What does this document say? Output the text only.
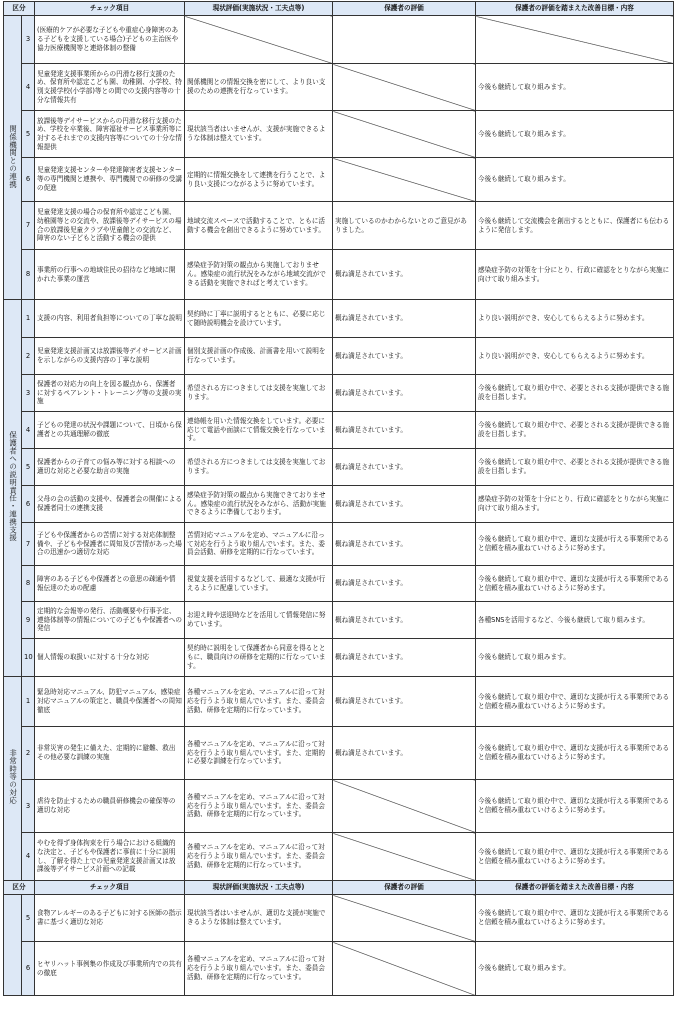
区分		チェック項目	現状評価(実施状況・工夫点等)	保護者の評価	保護者の評価を踏まえた改善目標・内容
関係機関との連携	3	(医療的ケアが必要な子どもや重症心身障害のある子どもを支援している場合)子どもの主治医や協力医療機関等と連絡体制の整備			
	4	児童発達支援事業所からの円滑な移行支援のため、保育所や認定こども園、幼稚園、小学校、特別支援学校(小学部)等との間での支援内容等の十分な情報共有	関係機関との情報交換を密にして、より良い支援のための連携を行なっています。		今後も継続して取り組みます。
	5	放課後等デイサービスからの円滑な移行支援のため、学校を卒業後、障害福祉サービス事業所等に対するそれまでの支援内容等についての十分な情報提供	現状該当者はいませんが、支援が実施できるような体制は整えています。		今後も継続して取り組みます。
	6	児童発達支援センターや発達障害者支援センター等の専門機関と連携や、専門機関での研修の受講の促進	定期的に情報交換をして連携を行うことで、より良い支援につながるように努めています。		今後も継続して取り組みます。
	7	児童発達支援の場合の保育所や認定こども園、幼稚園等との交流や、放課後等デイサービスの場合の放課後児童クラブや児童館との交流など、障害のない子どもと活動する機会の提供	地域交流スペースで活動することで、ともに活動する機会を創出できるように努めています。	実施しているのかわからないとのご意見がありました。	今後も継続して交流機会を創出するとともに、保護者にも伝わるように発信します。
	8	事業所の行事への地域住民の招待など地域に開かれた事業の運営	感染症予防対策の観点から実施しておりません。感染症の流行状況をみながら地域交流ができる活動を実施できればと考えています。	概ね満足されています。	感染症予防の対策を十分にとり、行政に確認をとりながら実施に向けて取り組みます。
保護者への説明責任・連携支援	1	支援の内容、利用者負担等についての丁寧な説明	契約時に丁寧に説明するとともに、必要に応じて随時説明機会を設けています。	概ね満足されています。	より良い説明ができ、安心してもらえるように努めます。
	2	児童発達支援計画又は放課後等デイサービス計画を示しながらの支援内容の丁寧な説明	個別支援計画の作成後、計画書を用いて説明を行なっています。	概ね満足されています。	より良い説明ができ、安心してもらえるように努めます。
	3	保護者の対応力の向上を図る観点から、保護者に対するペアレント・トレーニング等の支援の実施	希望される方につきましては支援を実施しております。	概ね満足されています。	今後も継続して取り組む中で、必要とされる支援が提供できる施設を目指します。
	4	子どもの発達の状況や課題について、日頃から保護者との共通理解の徹底	連絡帳を用いた情報交換をしています。必要に応じて電話や面談にて情報交換を行なっています。	概ね満足されています。	今後も継続して取り組む中で、必要とされる支援が提供できる施設を目指します。
	5	保護者からの子育ての悩み等に対する相談への適切な対応と必要な助言の実施	希望される方につきましては支援を実施しております。	概ね満足されています。	今後も継続して取り組む中で、必要とされる支援が提供できる施設を目指します。
	6	父母の会の活動の支援や、保護者会の開催による保護者同士の連携支援	感染症予防対策の観点から実施できておりません。感染症の流行状況をみながら、活動が実施できるように準備しております。	概ね満足されています。	感染症予防の対策を十分にとり、行政に確認をとりながら実施に向けて取り組みます。
	7	子どもや保護者からの苦情に対する対応体制整備や、子どもや保護者に周知及び苦情があった場合の迅速かつ適切な対応	苦情対応マニュアルを定め、マニュアルに沿って対応を行うよう取り組んでいます。また、委員会活動、研修を定期的に行なっています。	概ね満足されています。	今後も継続して取り組む中で、適切な支援が行える事業所であると信頼を積み重ねていけるように努めます。
	8	障害のある子どもや保護者との意思の疎通や情報伝達のための配慮	視覚支援を活用するなどして、最適な支援が行えるように配慮しています。	概ね満足されています。	今後も継続して取り組む中で、適切な支援が行える事業所であると信頼を積み重ねていけるように努めます。
	9	定期的な会報等の発行、活動概要や行事予定、連絡体制等の情報についての子どもや保護者への発信	お迎え時や送迎時などを活用して情報発信に努めています。	概ね満足されています。	各種SNSを活用するなど、今後も継続して取り組みます。
	10	個人情報の取扱いに対する十分な対応	契約時に説明をして保護者から同意を得るとともに、職員向けの研修を定期的に行なっています。	概ね満足されています。	今後も継続して取り組みます。
非常時等の対応	1	緊急時対応マニュアル、防犯マニュアル、感染症対応マニュアルの策定と、職員や保護者への周知徹底	各種マニュアルを定め、マニュアルに沿って対応を行うよう取り組んでいます。また、委員会活動、研修を定期的に行なっています。	概ね満足されています。	今後も継続して取り組む中で、適切な支援が行える事業所であると信頼を積み重ねていけるように努めます。
	2	非常災害の発生に備えた、定期的に避難、救出その他必要な訓練の実施	各種マニュアルを定め、マニュアルに沿って対応を行うよう取り組んでいます。また、定期的に必要な訓練を行なっています。	概ね満足されています。	今後も継続して取り組む中で、適切な支援が行える事業所であると信頼を積み重ねていけるように努めます。
	3	虐待を防止するための職員研修機会の確保等の適切な対応	各種マニュアルを定め、マニュアルに沿って対応を行うよう取り組んでいます。また、委員会活動、研修を定期的に行なっています。		今後も継続して取り組む中で、適切な支援が行える事業所であると信頼を積み重ねていけるように努めます。
	4	やむを得ず身体拘束を行う場合における組織的な決定と、子どもや保護者に事前に十分に説明し、了解を得た上での児童発達支援計画又は放課後等デイサービス計画への記載	各種マニュアルを定め、マニュアルに沿って対応を行うよう取り組んでいます。また、委員会活動、研修を定期的に行なっています。		今後も継続して取り組む中で、適切な支援が行える事業所であると信頼を積み重ねていけるように努めます。
区分		チェック項目	現状評価(実施状況・工夫点等)	保護者の評価	保護者の評価を踏まえた改善目標・内容
	5	食物アレルギーのある子どもに対する医師の指示書に基づく適切な対応	現状該当者はいませんが、適切な支援が実施できるような体制は整えています。		今後も継続して取り組む中で、適切な支援が行える事業所であると信頼を積み重ねていけるように努めます。
	6	ヒヤリハット事例集の作成及び事業所内での共有の徹底	各種マニュアルを定め、マニュアルに沿って対応を行うよう取り組んでいます。また、委員会活動、研修を定期的に行なっています。		今後も継続して取り組みます。
